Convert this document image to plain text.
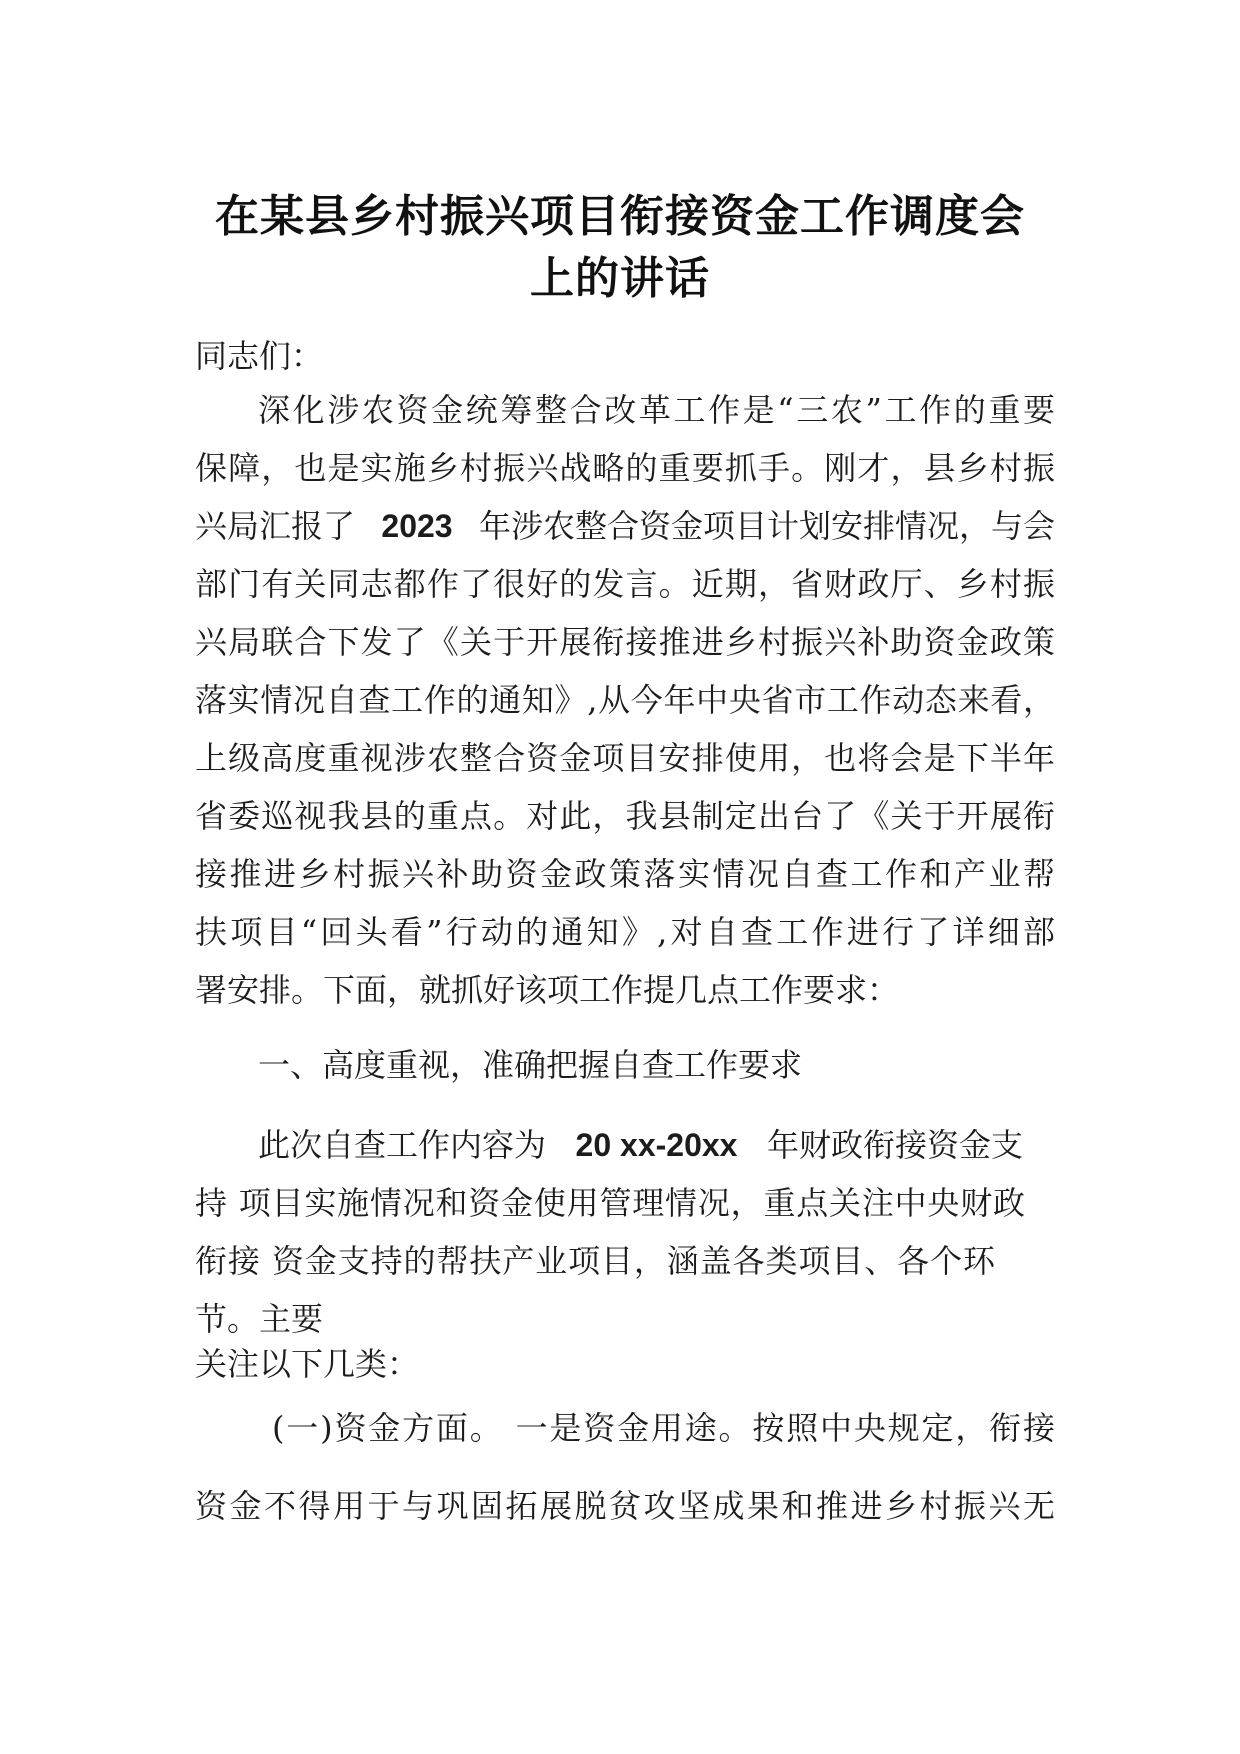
在某县乡村振兴项目衔接资金工作调度会
上的讲话
同志们：
深化涉农资金统筹整合改革工作是“三农”工作的重要
保障，也是实施乡村振兴战略的重要抓手。刚才，县乡村振
兴局汇报了 2023 年涉农整合资金项目计划安排情况，与会
部门有关同志都作了很好的发言。近期，省财政厅、乡村振
兴局联合下发了《关于开展衔接推进乡村振兴补助资金政策
落实情况自查工作的通知》,从今年中央省市工作动态来看，
上级高度重视涉农整合资金项目安排使用，也将会是下半年
省委巡视我县的重点。对此，我县制定出台了《关于开展衔
接推进乡村振兴补助资金政策落实情况自查工作和产业帮
扶项目“回头看”行动的通知》,对自查工作进行了详细部
署安排。下面，就抓好该项工作提几点工作要求：
一、高度重视，准确把握自查工作要求
此次自查工作内容为 20 xx-20xx 年财政衔接资金支
持 项目实施情况和资金使用管理情况，重点关注中央财政
衔接 资金支持的帮扶产业项目，涵盖各类项目、各个环
节。主要
关注以下几类：
(一)资金方面。 一是资金用途。按照中央规定，衔接
资金不得用于与巩固拓展脱贫攻坚成果和推进乡村振兴无
